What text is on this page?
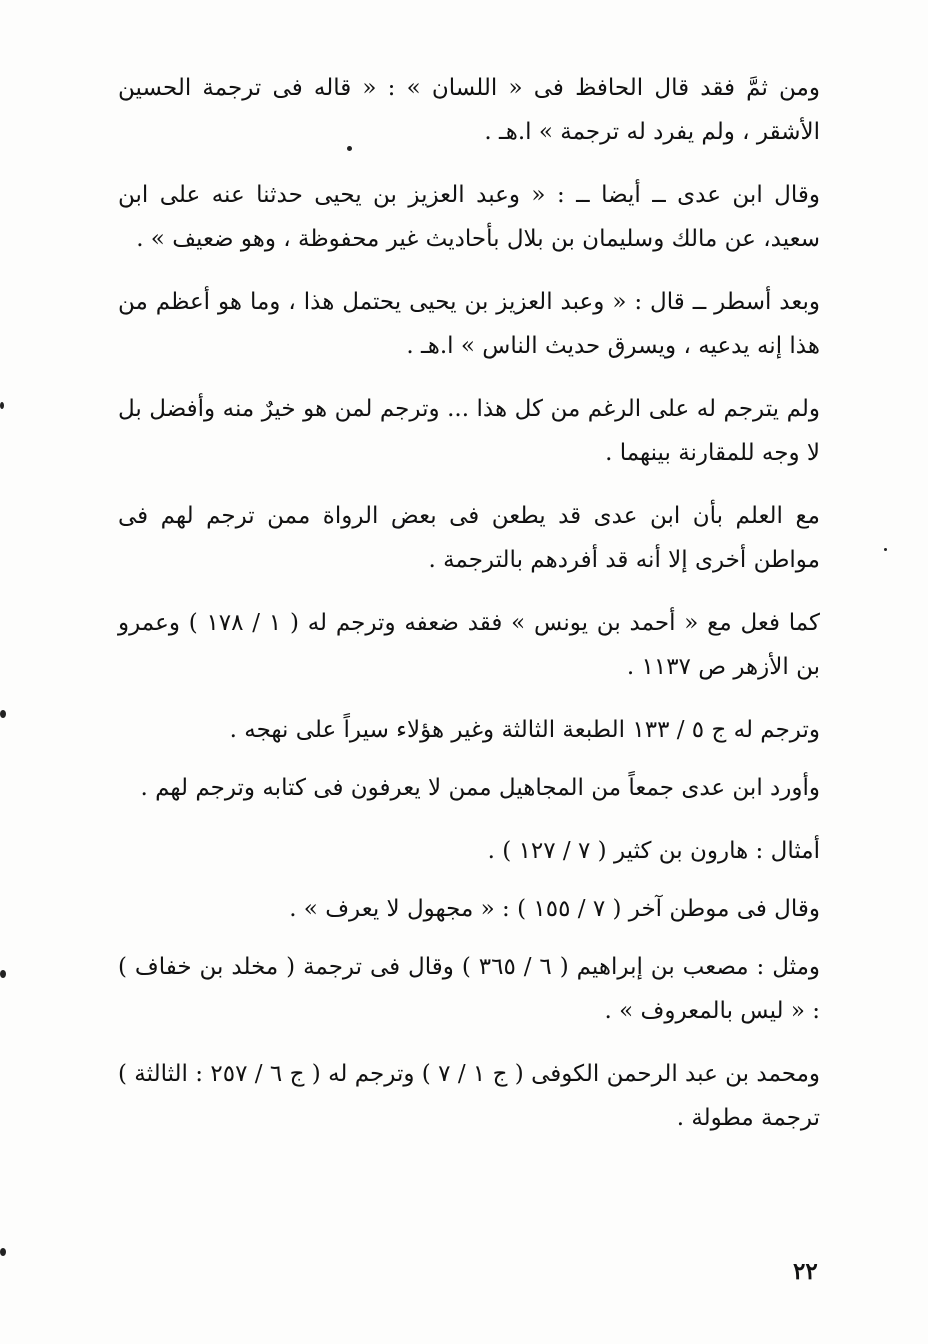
ومن ثمَّ فقد قال الحافظ فى « اللسان » : « قاله فى ترجمة الحسين الأشقر ، ولم يفرد له ترجمة » ا.هـ .

وقال ابن عدى ــ أيضا ــ : « وعبد العزيز بن يحيى حدثنا عنه على ابن سعيد، عن مالك وسليمان بن بلال بأحاديث غير محفوظة ، وهو ضعيف » .

وبعد أسطر ــ قال : « وعبد العزيز بن يحيى يحتمل هذا ، وما هو أعظم من هذا إنه يدعيه ، ويسرق حديث الناس » ا.هـ .

ولم يترجم له على الرغم من كل هذا ... وترجم لمن هو خيرٌ منه وأفضل بل لا وجه للمقارنة بينهما .

مع العلم بأن ابن عدى قد يطعن فى بعض الرواة ممن ترجم لهم فى مواطن أخرى إلا أنه قد أفردهم بالترجمة .

كما فعل مع « أحمد بن يونس » فقد ضعفه وترجم له ( ١ / ١٧٨ ) وعمرو بن الأزهر ص ١١٣٧ .

وترجم له ج ٥ / ١٣٣ الطبعة الثالثة وغير هؤلاء سيراً على نهجه .

وأورد ابن عدى جمعاً من المجاهيل ممن لا يعرفون فى كتابه وترجم لهم .

أمثال : هارون بن كثير ( ٧ / ١٢٧ ) .

وقال فى موطن آخر ( ٧ / ١٥٥ ) : « مجهول لا يعرف » .

ومثل : مصعب بن إبراهيم ( ٦ / ٣٦٥ ) وقال فى ترجمة ( مخلد بن خفاف ) : « ليس بالمعروف » .

ومحمد بن عبد الرحمن الكوفى ( ج ١ / ٧ ) وترجم له ( ج ٦ / ٢٥٧ : الثالثة ) ترجمة مطولة .

٢٢
